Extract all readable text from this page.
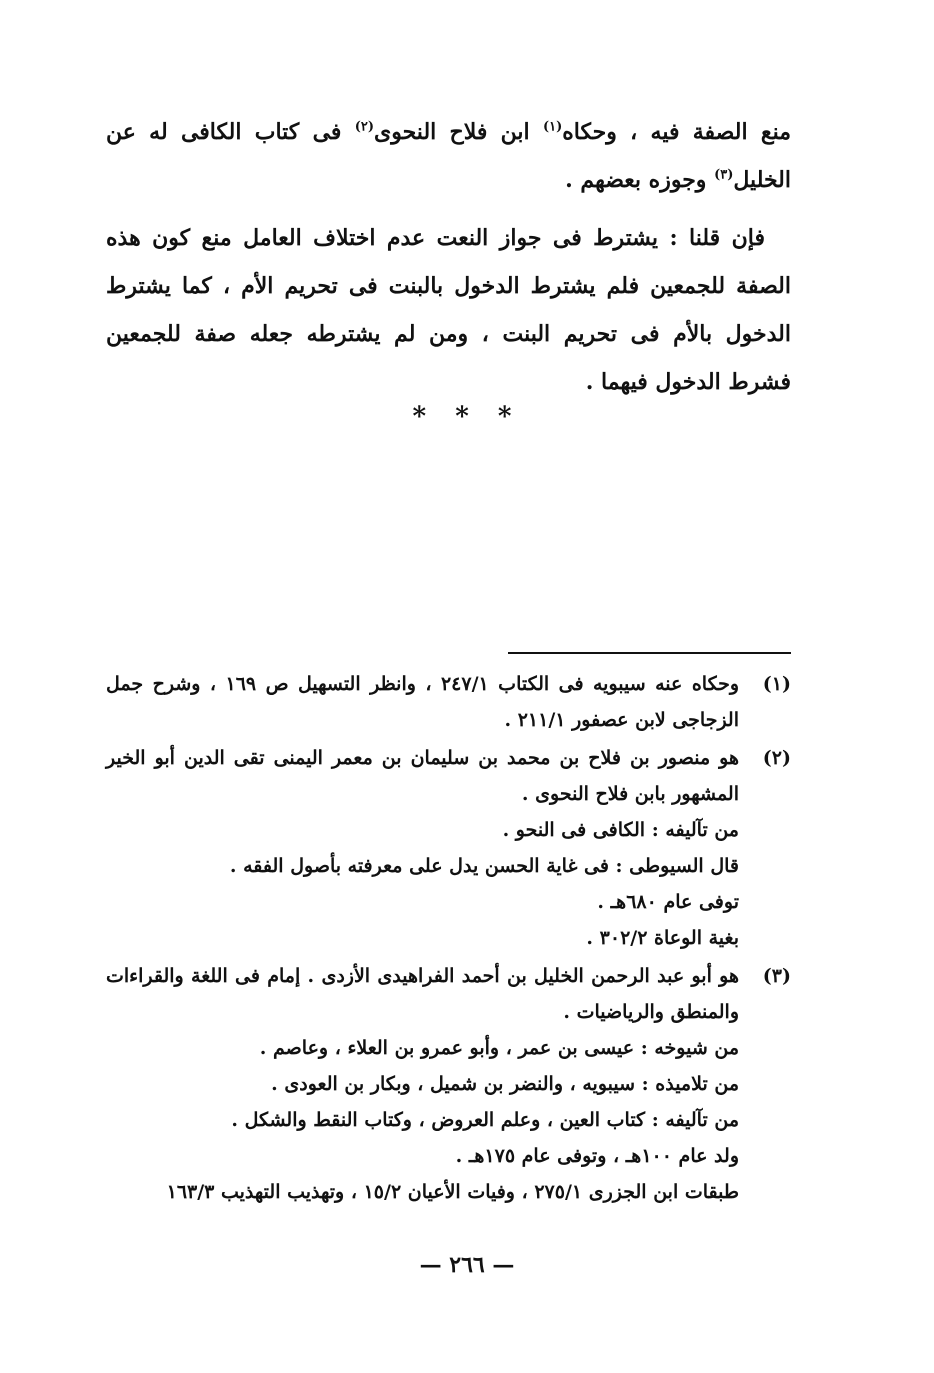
منع الصفة فيه ، وحكاه$^{(١)}$ ابن فلاح النحوى$^{(٢)}$ فى كتاب الكافى له عن الخليل$^{(٣)}$ وجوزه بعضهم .

فإن قلنا : يشترط فى جواز النعت عدم اختلاف العامل منع كون هذه الصفة للجمعين فلم يشترط الدخول بالبنت فى تحريم الأم ، كما يشترط الدخول بالأم فى تحريم البنت ، ومن لم يشترطه جعله صفة للجمعين فشرط الدخول فيهما .

* * *
(١)
وحكاه عنه سيبويه فى الكتاب ٢٤٧/١ ، وانظر التسهيل ص ١٦٩ ، وشرح جمل الزجاجى لابن عصفور ٢١١/١ .
(٢)
هو منصور بن فلاح بن محمد بن سليمان بن معمر اليمنى تقى الدين أبو الخير المشهور بابن فلاح النحوى .
من تآليفه : الكافى فى النحو .
قال السيوطى : فى غاية الحسن يدل على معرفته بأصول الفقه .
توفى عام ٦٨٠هـ .
بغية الوعاة ٣٠٢/٢ .
(٣)
هو أبو عبد الرحمن الخليل بن أحمد الفراهيدى الأزدى . إمام فى اللغة والقراءات والمنطق والرياضيات .
من شيوخه : عيسى بن عمر ، وأبو عمرو بن العلاء ، وعاصم .
من تلاميذه : سيبويه ، والنضر بن شميل ، وبكار بن العودى .
من تآليفه : كتاب العين ، وعلم العروض ، وكتاب النقط والشكل .
ولد عام ١٠٠هـ ، وتوفى عام ١٧٥هـ .
طبقات ابن الجزرى ٢٧٥/١ ، وفيات الأعيان ١٥/٢ ، وتهذيب التهذيب ١٦٣/٣
— ٢٦٦ —
